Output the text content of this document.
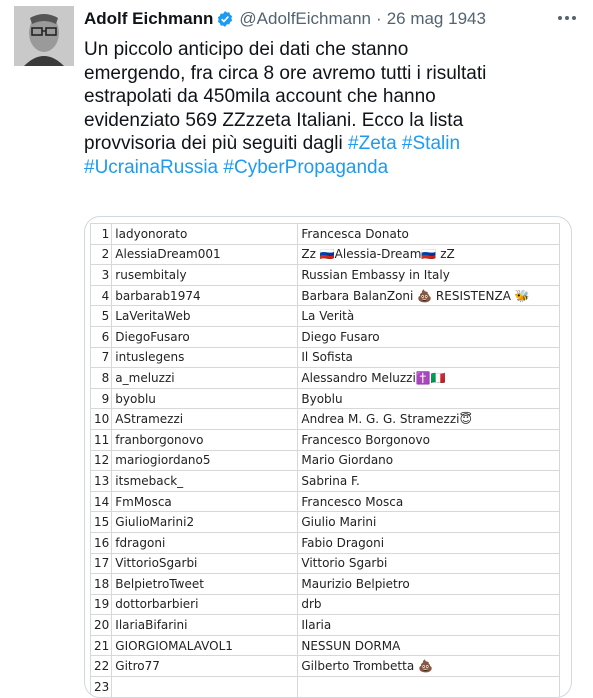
Adolf Eichmann @AdolfEichmann · 26 mag 1943
Un piccolo anticipo dei dati che stanno
emergendo, fra circa 8 ore avremo tutti i risultati
estrapolati da 450mila account che hanno
evidenziato 569 ZZzzeta Italiani. Ecco la lista
provvisoria dei più seguiti dagli #Zeta #Stalin
#UcrainaRussia #CyberPropaganda
1	ladyonorato	Francesca Donato
2	AlessiaDream001	Zz 🇷🇺Alessia-Dream🇷🇺 zZ
3	rusembitaly	Russian Embassy in Italy
4	barbarab1974	Barbara BalanZoni 💩 RESISTENZA 🐝
5	LaVeritaWeb	La Verità
6	DiegoFusaro	Diego Fusaro
7	intuslegens	Il Sofista
8	a_meluzzi	Alessandro Meluzzi✝️🇮🇹
9	byoblu	Byoblu
10	AStramezzi	Andrea M. G. G. Stramezzi😇
11	franborgonovo	Francesco Borgonovo
12	mariogiordano5	Mario Giordano
13	itsmeback_	Sabrina F.
14	FmMosca	Francesco Mosca
15	GiulioMarini2	Giulio Marini
16	fdragoni	Fabio Dragoni
17	VittorioSgarbi	Vittorio Sgarbi
18	BelpietroTweet	Maurizio Belpietro
19	dottorbarbieri	drb
20	IlariaBifarini	Ilaria
21	GIORGIOMALAVOL1	NESSUN DORMA
22	Gitro77	Gilberto Trombetta 💩
23		
